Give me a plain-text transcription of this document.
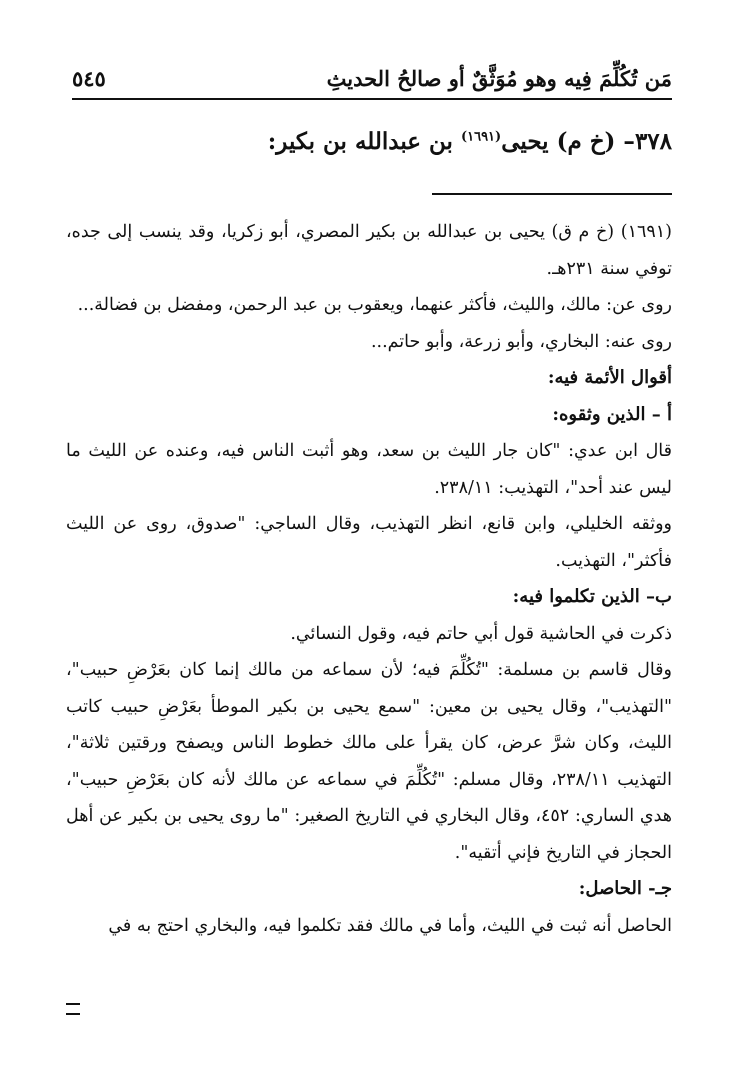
مَن تُكُلِّمَ فِيه وهو مُوَثَّقٌ أو صالحُ الحديثِ
٥٤٥
٣٧٨– (خ م) يحيى$^{(١٦٩١)}$ بن عبدالله بن بكير:

(١٦٩١) (خ م ق) يحيى بن عبدالله بن بكير المصري، أبو زكريا، وقد ينسب إلى جده، توفي سنة ٢٣١هـ.

روى عن: مالك، والليث، فأكثر عنهما، ويعقوب بن عبد الرحمن، ومفضل بن فضالة...

روى عنه: البخاري، وأبو زرعة، وأبو حاتم...

أقوال الأئمة فيه:

أ – الذين وثقوه:

قال ابن عدي: "كان جار الليث بن سعد، وهو أثبت الناس فيه، وعنده عن الليث ما ليس عند أحد"، التهذيب: ٢٣٨/١١.

ووثقه الخليلي، وابن قانع، انظر التهذيب، وقال الساجي: "صدوق، روى عن الليث فأكثر"، التهذيب.

ب– الذين تكلموا فيه:

ذكرت في الحاشية قول أبي حاتم فيه، وقول النسائي.

وقال قاسم بن مسلمة: "تُكُلِّمَ فيه؛ لأن سماعه من مالك إنما كان بعَرْضِ حبيب"، "التهذيب"، وقال يحيى بن معين: "سمع يحيى بن بكير الموطأ بعَرْضِ حبيب كاتب الليث، وكان شرَّ عرض، كان يقرأ على مالك خطوط الناس ويصفح ورقتين ثلاثة"، التهذيب ٢٣٨/١١، وقال مسلم: "تُكُلِّمَ في سماعه عن مالك لأنه كان بعَرْضِ حبيب"، هدي الساري: ٤٥٢، وقال البخاري في التاريخ الصغير: "ما روى يحيى بن بكير عن أهل الحجاز في التاريخ فإني أتقيه".

جـ- الحاصل:

الحاصل أنه ثبت في الليث، وأما في مالك فقد تكلموا فيه، والبخاري احتج به في
